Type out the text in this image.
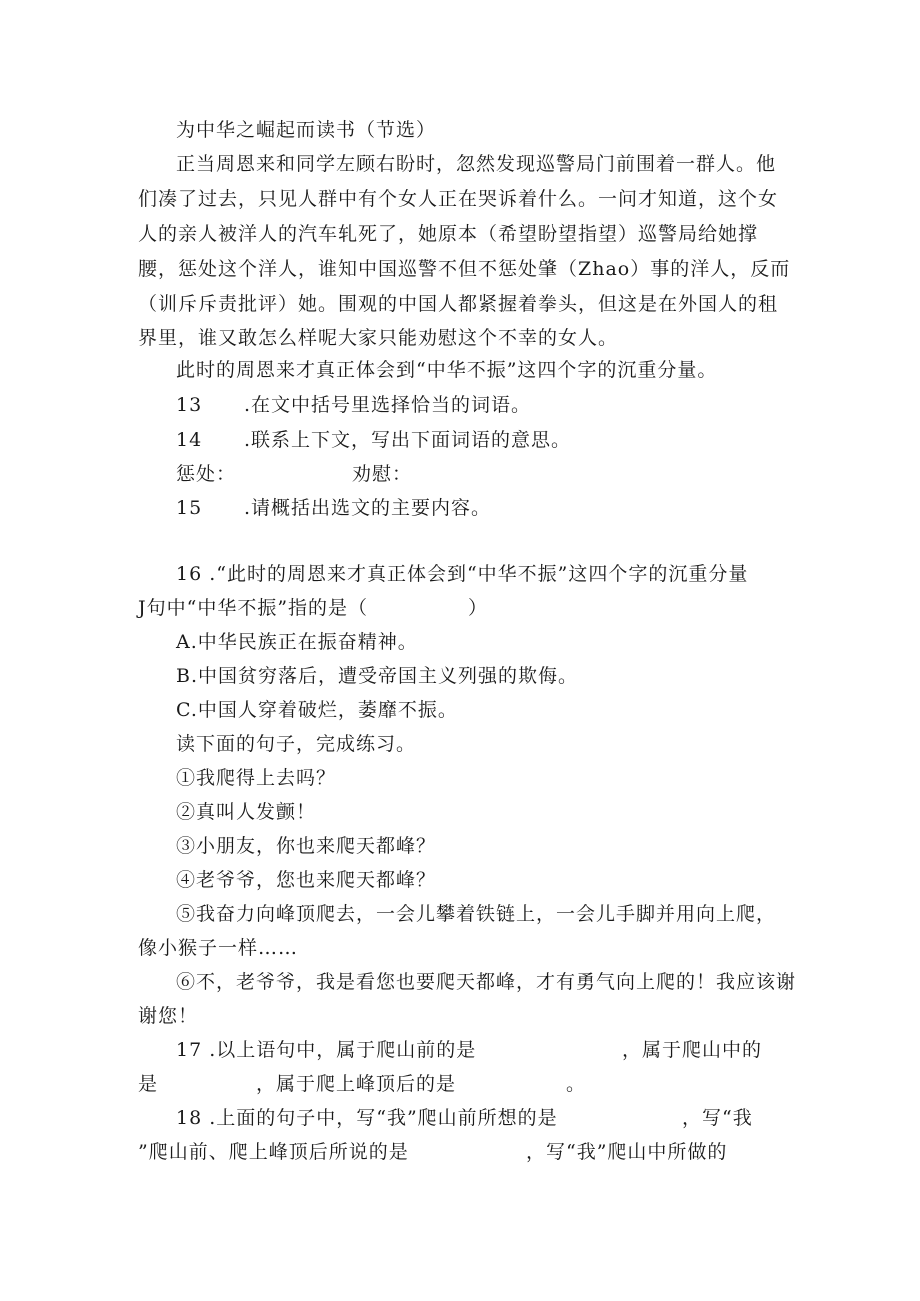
为中华之崛起而读书（节选）
正当周恩来和同学左顾右盼时，忽然发现巡警局门前围着一群人。他
们凑了过去，只见人群中有个女人正在哭诉着什么。一问才知道，这个女
人的亲人被洋人的汽车轧死了，她原本（希望盼望指望）巡警局给她撑
腰，惩处这个洋人，谁知中国巡警不但不惩处肇（Zhao）事的洋人，反而
（训斥斥责批评）她。围观的中国人都紧握着拳头，但这是在外国人的租
界里，谁又敢怎么样呢大家只能劝慰这个不幸的女人。
此时的周恩来才真正体会到“中华不振”这四个字的沉重分量。
13 .在文中括号里选择恰当的词语。
14 .联系上下文，写出下面词语的意思。
惩处：	劝慰：
15 .请概括出选文的主要内容。
16 .“此时的周恩来才真正体会到“中华不振”这四个字的沉重分量
J句中“中华不振”指的是（　　　　　）
A.中华民族正在振奋精神。
B.中国贫穷落后，遭受帝国主义列强的欺侮。
C.中国人穿着破烂，萎靡不振。
读下面的句子，完成练习。
①我爬得上去吗？
②真叫人发颤！
③小朋友，你也来爬天都峰？
④老爷爷，您也来爬天都峰？
⑤我奋力向峰顶爬去，一会儿攀着铁链上，一会儿手脚并用向上爬，
像小猴子一样……
⑥不，老爷爷，我是看您也要爬天都峰，才有勇气向上爬的！我应该谢
谢您！
17 .以上语句中，属于爬山前的是	，属于爬山中的
是	，属于爬上峰顶后的是	。
18 .上面的句子中，写“我”爬山前所想的是	，写“我
”爬山前、爬上峰顶后所说的是	，写“我”爬山中所做的
